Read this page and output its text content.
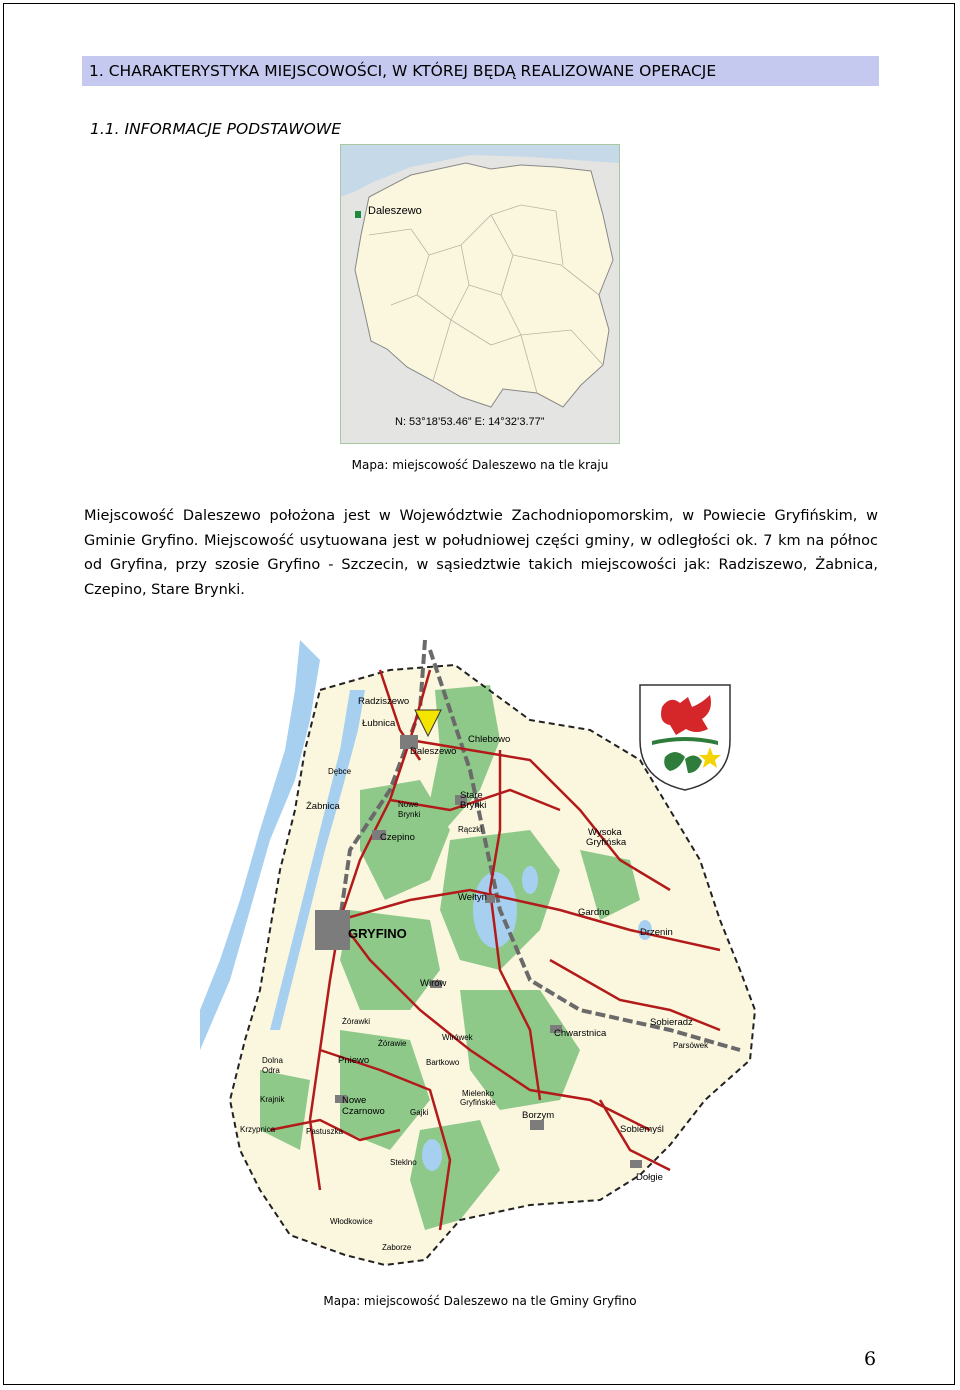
1. CHARAKTERYSTYKA MIEJSCOWOŚCI, W KTÓREJ BĘDĄ REALIZOWANE OPERACJE
1.1. INFORMACJE PODSTAWOWE
Daleszewo
N: 53°18’53.46” E: 14°32’3.77”
Mapa: miejscowość Daleszewo na tle kraju
Miejscowość Daleszewo położona jest w Województwie Zachodniopomorskim, w Powiecie Gryfińskim, w Gminie Gryfino. Miejscowość usytuowana jest w południowej części gminy, w odległości ok. 7 km na północ od Gryfina, przy szosie Gryfino - Szczecin, w sąsiedztwie takich miejscowości jak: Radziszewo, Żabnica, Czepino, Stare Brynki.
Radziszewo
Łubnica
Daleszewo
Chlebowo
Dębce
Żabnica	Nowe
Brynki
Stare
Brynki
Czepino
Rączki	Wysoka
Gryfińska
Wełtyń
Gardno
Drzenin
GRYFINO
Wirów
Wirówek
Sobieradz
Chwarstnica
Parsówek
Żórawki
Żórawie
Pniewo	Bartkowo
Dolna
Odra
Krajnik
Mielenko
Gryfińskie
Nowe
Czarnowo	Borzym
Gajki
Krzypnica	Pastuszka	Sobiemyśl
Steklno
Dołgie
Włodkowice
Zaborze
Mapa: miejscowość Daleszewo na tle Gminy Gryfino
6
